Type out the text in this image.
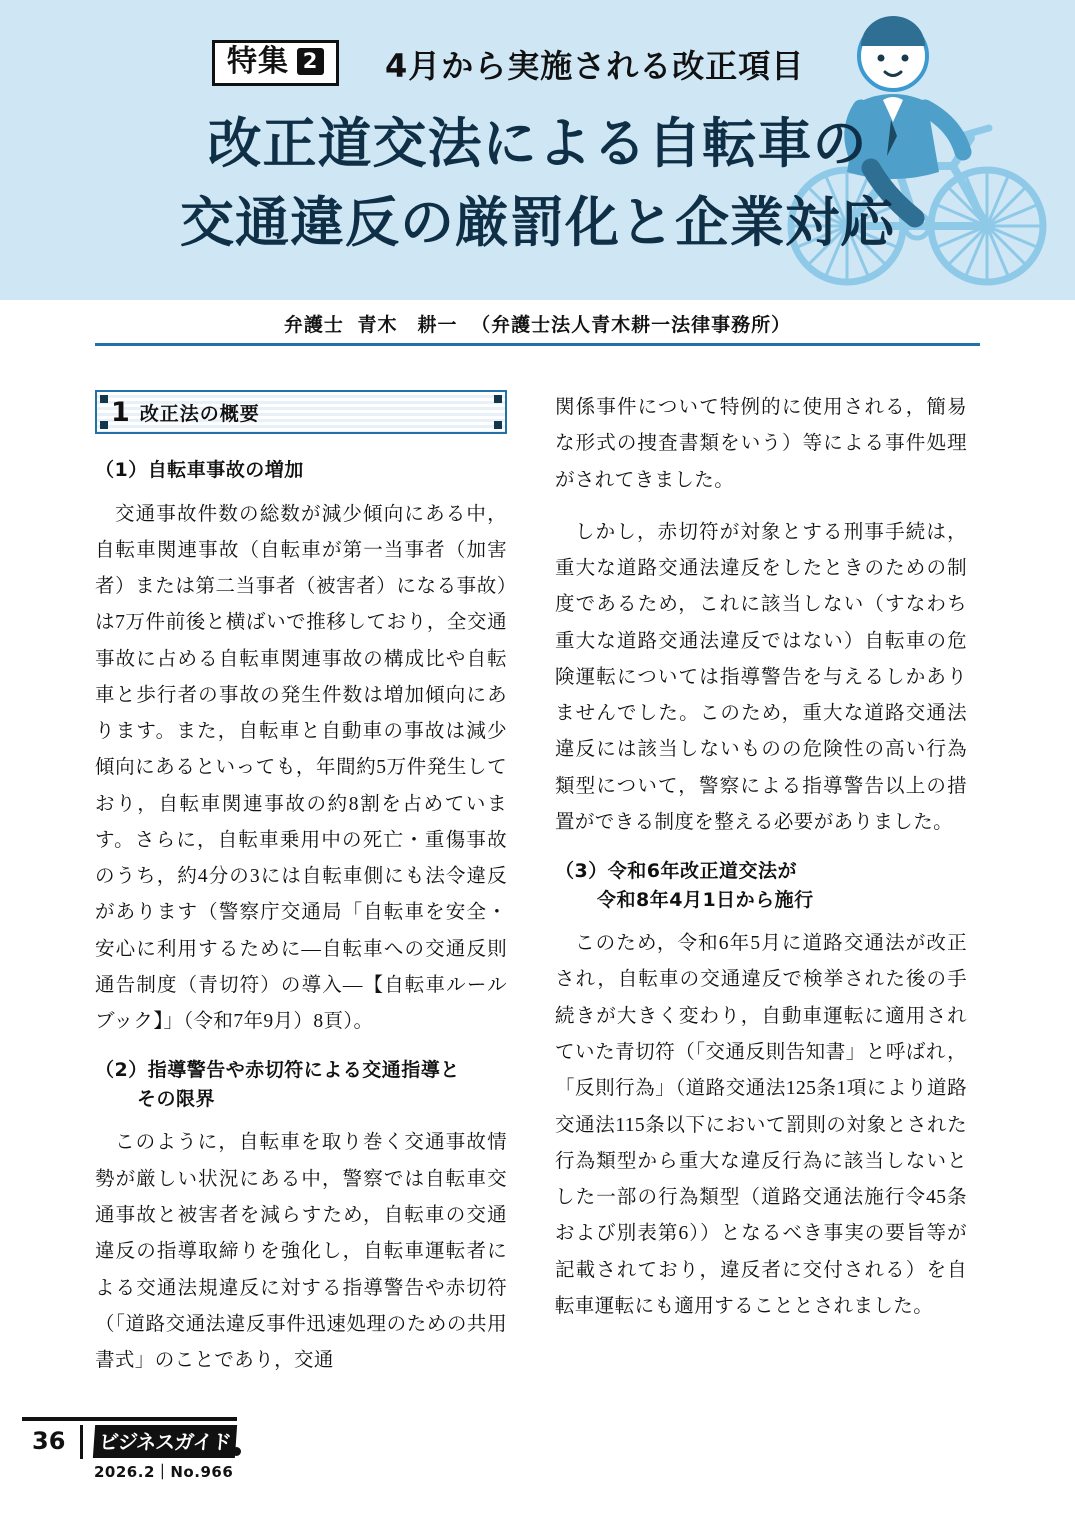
特集 2 4月から実施される改正項目
改正道交法による自転車の
交通違反の厳罰化と企業対応
弁護士 青木　耕一 （弁護士法人青木耕一法律事務所）
1 改正法の概要
（1）自転車事故の増加

交通事故件数の総数が減少傾向にある中，自転車関連事故（自転車が第一当事者（加害者）または第二当事者（被害者）になる事故）は7万件前後と横ばいで推移しており，全交通事故に占める自転車関連事故の構成比や自転車と歩行者の事故の発生件数は増加傾向にあります。また，自転車と自動車の事故は減少傾向にあるといっても，年間約5万件発生しており，自転車関連事故の約8割を占めています。さらに，自転車乗用中の死亡・重傷事故のうち，約4分の3には自転車側にも法令違反があります（警察庁交通局「自転車を安全・安心に利用するために―自転車への交通反則通告制度（青切符）の導入―【自転車ルールブック】」（令和7年9月）8頁）。

（2）指導警告や赤切符による交通指導と
その限界

このように，自転車を取り巻く交通事故情勢が厳しい状況にある中，警察では自転車交通事故と被害者を減らすため，自転車の交通違反の指導取締りを強化し，自転車運転者による交通法規違反に対する指導警告や赤切符（「道路交通法違反事件迅速処理のための共用書式」のことであり，交通

関係事件について特例的に使用される，簡易な形式の捜査書類をいう）等による事件処理がされてきました。

しかし，赤切符が対象とする刑事手続は，重大な道路交通法違反をしたときのための制度であるため，これに該当しない（すなわち重大な道路交通法違反ではない）自転車の危険運転については指導警告を与えるしかありませんでした。このため，重大な道路交通法違反には該当しないものの危険性の高い行為類型について，警察による指導警告以上の措置ができる制度を整える必要がありました。

（3）令和6年改正道交法が
令和8年4月1日から施行

このため，令和6年5月に道路交通法が改正され，自転車の交通違反で検挙された後の手続きが大きく変わり，自動車運転に適用されていた青切符（「交通反則告知書」と呼ばれ，「反則行為」（道路交通法125条1項により道路交通法115条以下において罰則の対象とされた行為類型から重大な違反行為に該当しないとした一部の行為類型（道路交通法施行令45条および別表第6））となるべき事実の要旨等が記載されており，違反者に交付される）を自転車運転にも適用することとされました。

36 ビジネスガイド
2026.2｜No.966
